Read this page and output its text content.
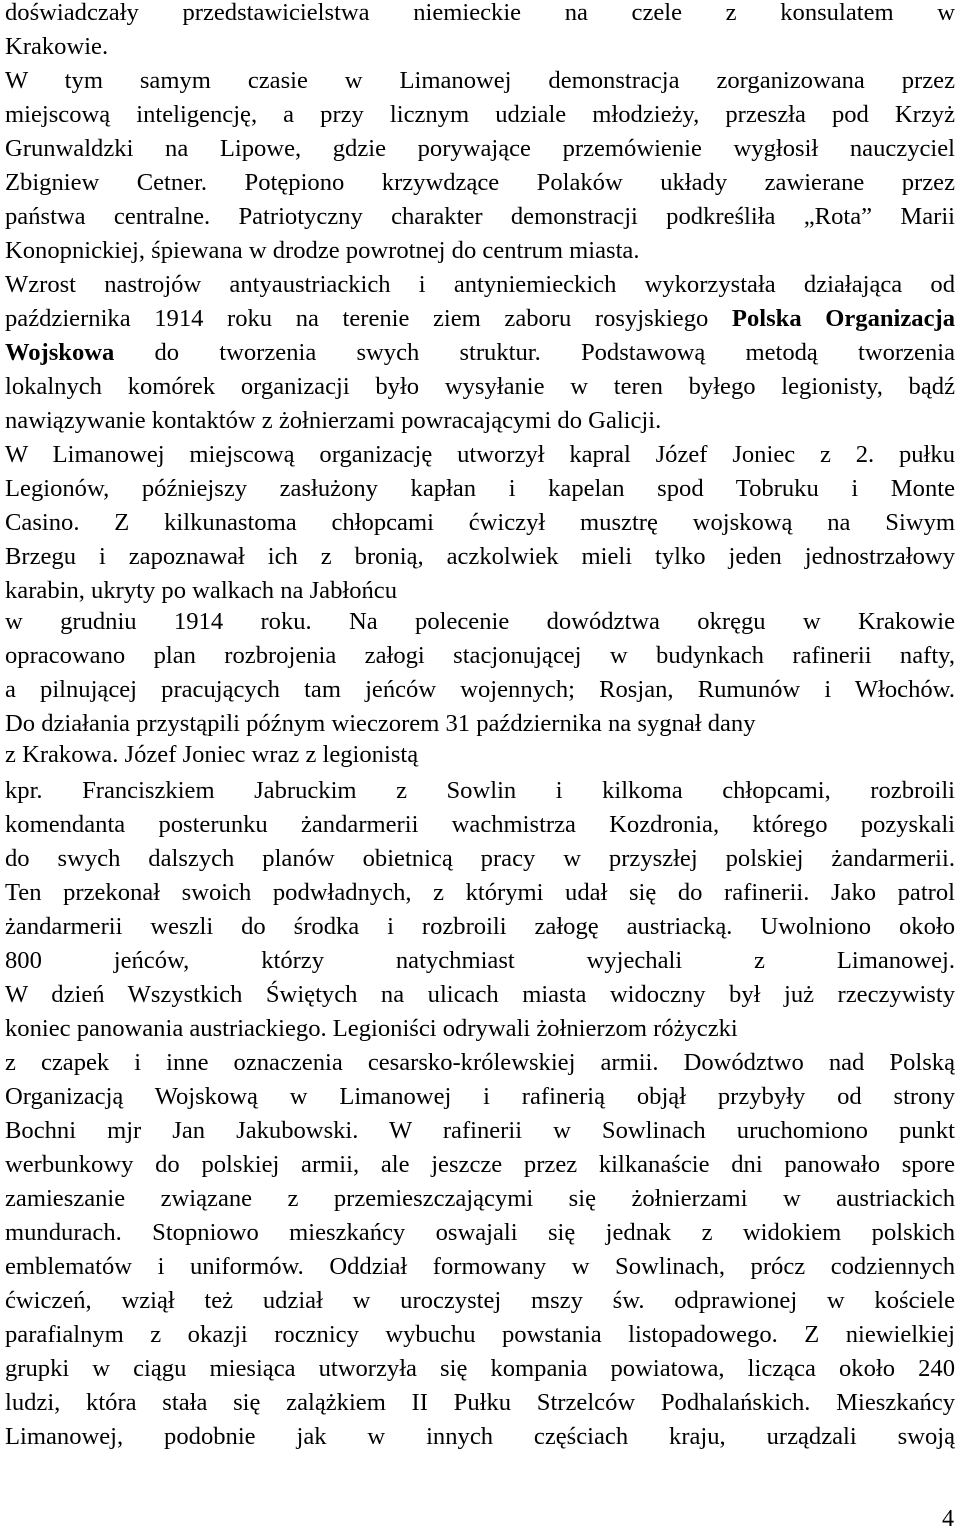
doświadczały przedstawicielstwa niemieckie na czele z konsulatem w
Krakowie.
W tym samym czasie w Limanowej demonstracja zorganizowana przez
miejscową inteligencję, a przy licznym udziale młodzieży, przeszła pod Krzyż
Grunwaldzki na Lipowe, gdzie porywające przemówienie wygłosił nauczyciel
Zbigniew Cetner. Potępiono krzywdzące Polaków układy zawierane przez
państwa centralne. Patriotyczny charakter demonstracji podkreśliła „Rota” Marii
Konopnickiej, śpiewana w drodze powrotnej do centrum miasta.
Wzrost nastrojów antyaustriackich i antyniemieckich wykorzystała działająca od
października 1914 roku na terenie ziem zaboru rosyjskiego Polska Organizacja
Wojskowa do tworzenia swych struktur. Podstawową metodą tworzenia
lokalnych komórek organizacji było wysyłanie w teren byłego legionisty, bądź
nawiązywanie kontaktów z żołnierzami powracającymi do Galicji.
W Limanowej miejscową organizację utworzył kapral Józef Joniec z 2. pułku
Legionów, późniejszy zasłużony kapłan i kapelan spod Tobruku i Monte
Casino. Z kilkunastoma chłopcami ćwiczył musztrę wojskową na Siwym
Brzegu i zapoznawał ich z bronią, aczkolwiek mieli tylko jeden jednostrzałowy
karabin, ukryty po walkach na Jabłońcu
w grudniu 1914 roku. Na polecenie dowództwa okręgu w Krakowie
opracowano plan rozbrojenia załogi stacjonującej w budynkach rafinerii nafty,
a pilnującej pracujących tam jeńców wojennych; Rosjan, Rumunów i Włochów.
Do działania przystąpili późnym wieczorem 31 października na sygnał dany
z Krakowa. Józef Joniec wraz z legionistą
kpr. Franciszkiem Jabruckim z Sowlin i kilkoma chłopcami, rozbroili
komendanta posterunku żandarmerii wachmistrza Kozdronia, którego pozyskali
do swych dalszych planów obietnicą pracy w przyszłej polskiej żandarmerii.
Ten przekonał swoich podwładnych, z którymi udał się do rafinerii. Jako patrol
żandarmerii weszli do środka i rozbroili załogę austriacką. Uwolniono około
800 jeńców, którzy natychmiast wyjechali z Limanowej.
W dzień Wszystkich Świętych na ulicach miasta widoczny był już rzeczywisty
koniec panowania austriackiego. Legioniści odrywali żołnierzom różyczki
z czapek i inne oznaczenia cesarsko-królewskiej armii. Dowództwo nad Polską
Organizacją Wojskową w Limanowej i rafinerią objął przybyły od strony
Bochni mjr Jan Jakubowski. W rafinerii w Sowlinach uruchomiono punkt
werbunkowy do polskiej armii, ale jeszcze przez kilkanaście dni panowało spore
zamieszanie związane z przemieszczającymi się żołnierzami w austriackich
mundurach. Stopniowo mieszkańcy oswajali się jednak z widokiem polskich
emblematów i uniformów. Oddział formowany w Sowlinach, prócz codziennych
ćwiczeń, wziął też udział w uroczystej mszy św. odprawionej w kościele
parafialnym z okazji rocznicy wybuchu powstania listopadowego. Z niewielkiej
grupki w ciągu miesiąca utworzyła się kompania powiatowa, licząca około 240
ludzi, która stała się zalążkiem II Pułku Strzelców Podhalańskich. Mieszkańcy
Limanowej, podobnie jak w innych częściach kraju, urządzali swoją
4
